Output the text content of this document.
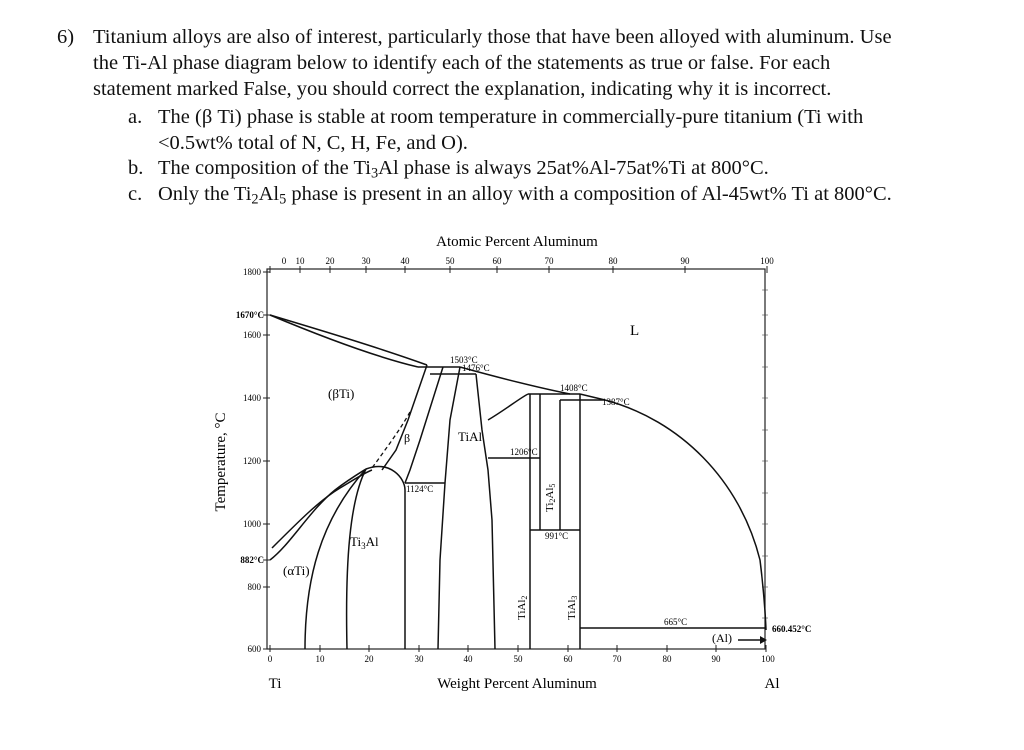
6) Titanium alloys are also of interest, particularly those that have been alloyed with aluminum. Use
the Ti-Al phase diagram below to identify each of the statements as true or false. For each
statement marked False, you should correct the explanation, indicating why it is incorrect.
a. The (β Ti) phase is stable at room temperature in commercially-pure titanium (Ti with
<0.5wt% total of N, C, H, Fe, and O).
b. The composition of the $Ti_3Al$ phase is always 25at%Al-75at%Ti at 800°C.
c. Only the $Ti_2Al_5$ phase is present in an alloy with a composition of Al-45wt% Ti at 800°C.
Atomic Percent Aluminum
Weight Percent Aluminum
Temperature, °C
Ti	Al
0 10 20	30	40	50	60	70	80	90	100
0	10	20	30	40	50	60	70	80	90	100
1800
1670°C
1600
1400
1200
1000
882°C
800
600
L
(βTi)
β
(αTi)
$Ti_3Al$
TiAl
TiAl2
Ti2Al5
TiAl3
(Al)
1503°C
1476°C
1408°C
1387°C
1206°C
1124°C
991°C
665°C
660.452°C
